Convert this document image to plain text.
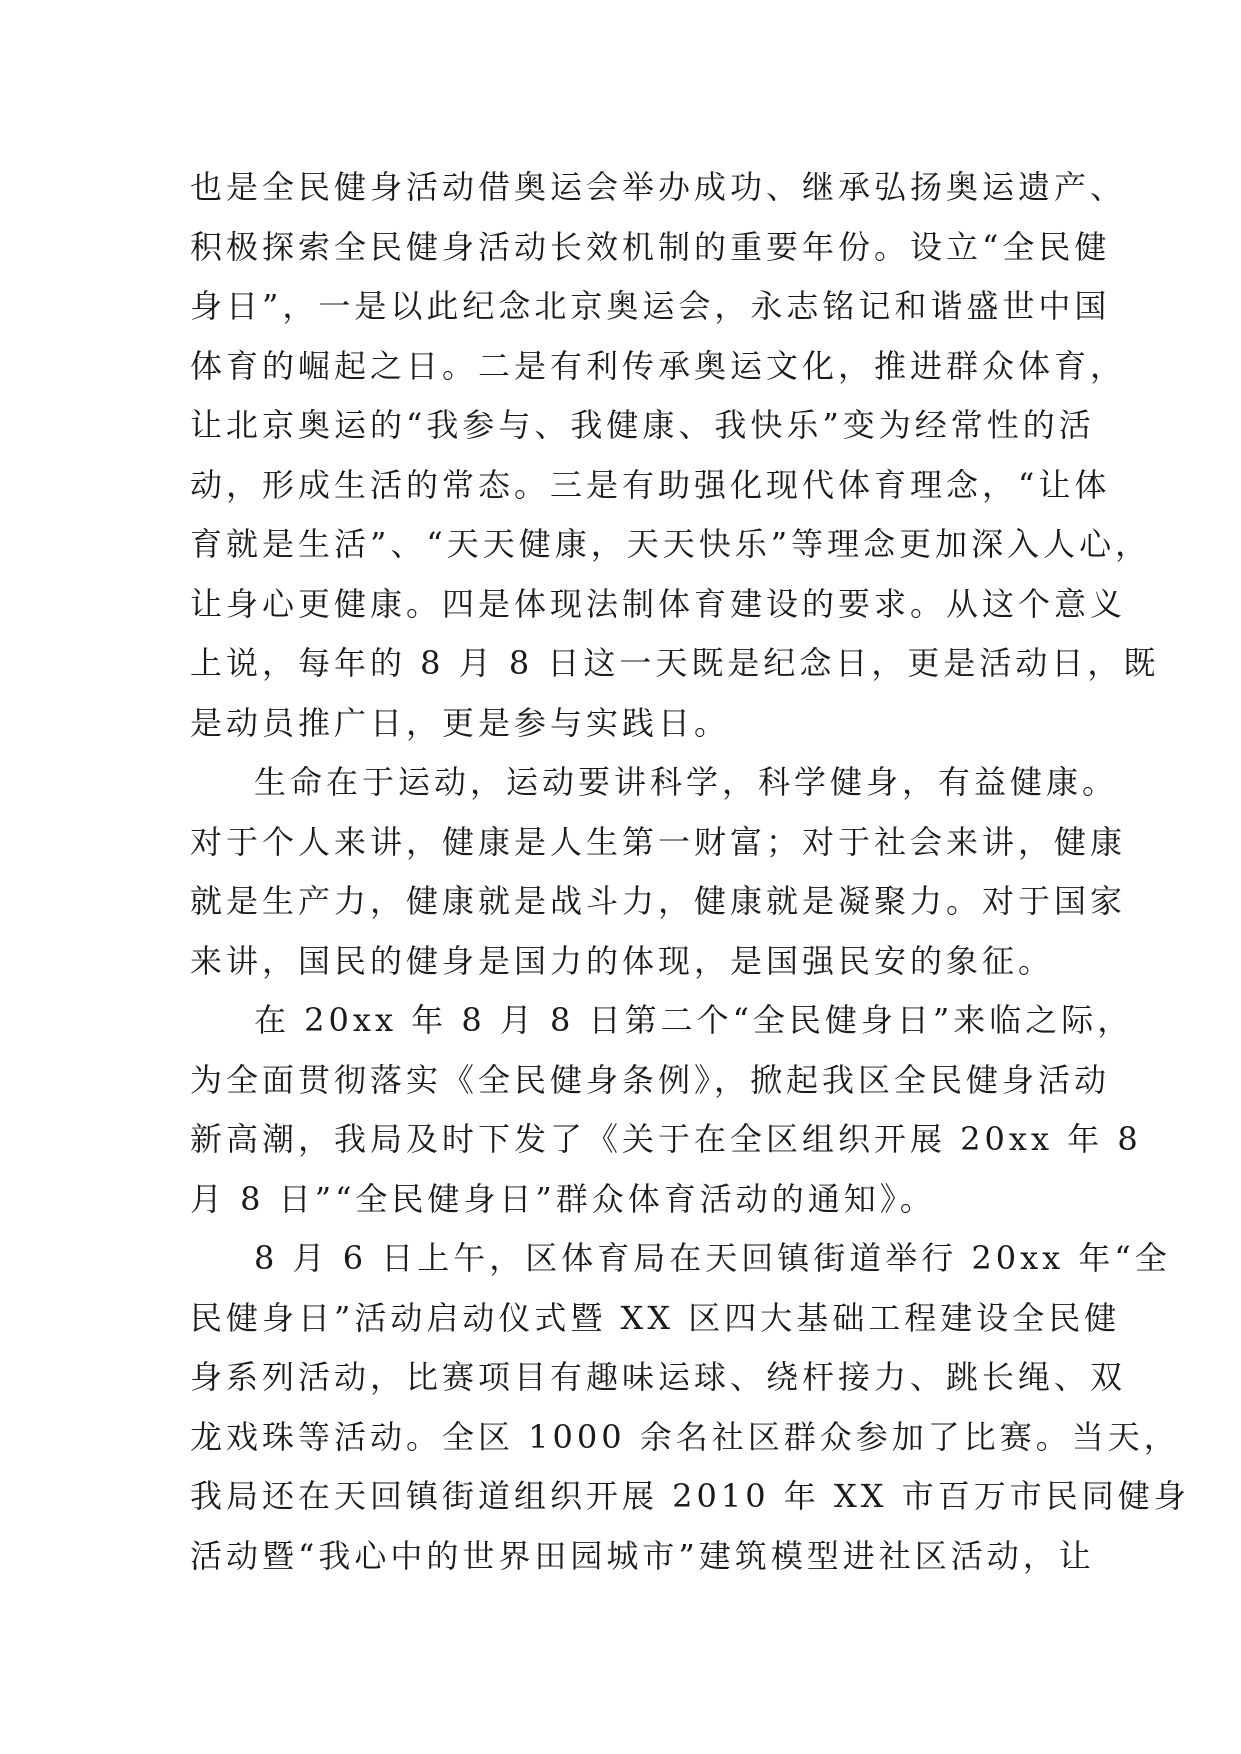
也是全民健身活动借奥运会举办成功、继承弘扬奥运遗产、
积极探索全民健身活动长效机制的重要年份。设立“全民健
身日”，一是以此纪念北京奥运会，永志铭记和谐盛世中国
体育的崛起之日。二是有利传承奥运文化，推进群众体育，
让北京奥运的“我参与、我健康、我快乐”变为经常性的活
动，形成生活的常态。三是有助强化现代体育理念，“让体
育就是生活”、“天天健康，天天快乐”等理念更加深入人心，
让身心更健康。四是体现法制体育建设的要求。从这个意义
上说，每年的 8 月 8 日这一天既是纪念日，更是活动日，既
是动员推广日，更是参与实践日。
生命在于运动，运动要讲科学，科学健身，有益健康。
对于个人来讲，健康是人生第一财富；对于社会来讲，健康
就是生产力，健康就是战斗力，健康就是凝聚力。对于国家
来讲，国民的健身是国力的体现，是国强民安的象征。
在 20xx 年 8 月 8 日第二个“全民健身日”来临之际，
为全面贯彻落实《全民健身条例》，掀起我区全民健身活动
新高潮，我局及时下发了《关于在全区组织开展 20xx 年 8
月 8 日”“全民健身日”群众体育活动的通知》。
8 月 6 日上午，区体育局在天回镇街道举行 20xx 年“全
民健身日”活动启动仪式暨 XX 区四大基础工程建设全民健
身系列活动，比赛项目有趣味运球、绕杆接力、跳长绳、双
龙戏珠等活动。全区 1000 余名社区群众参加了比赛。当天，
我局还在天回镇街道组织开展 2010 年 XX 市百万市民同健身
活动暨“我心中的世界田园城市”建筑模型进社区活动，让
